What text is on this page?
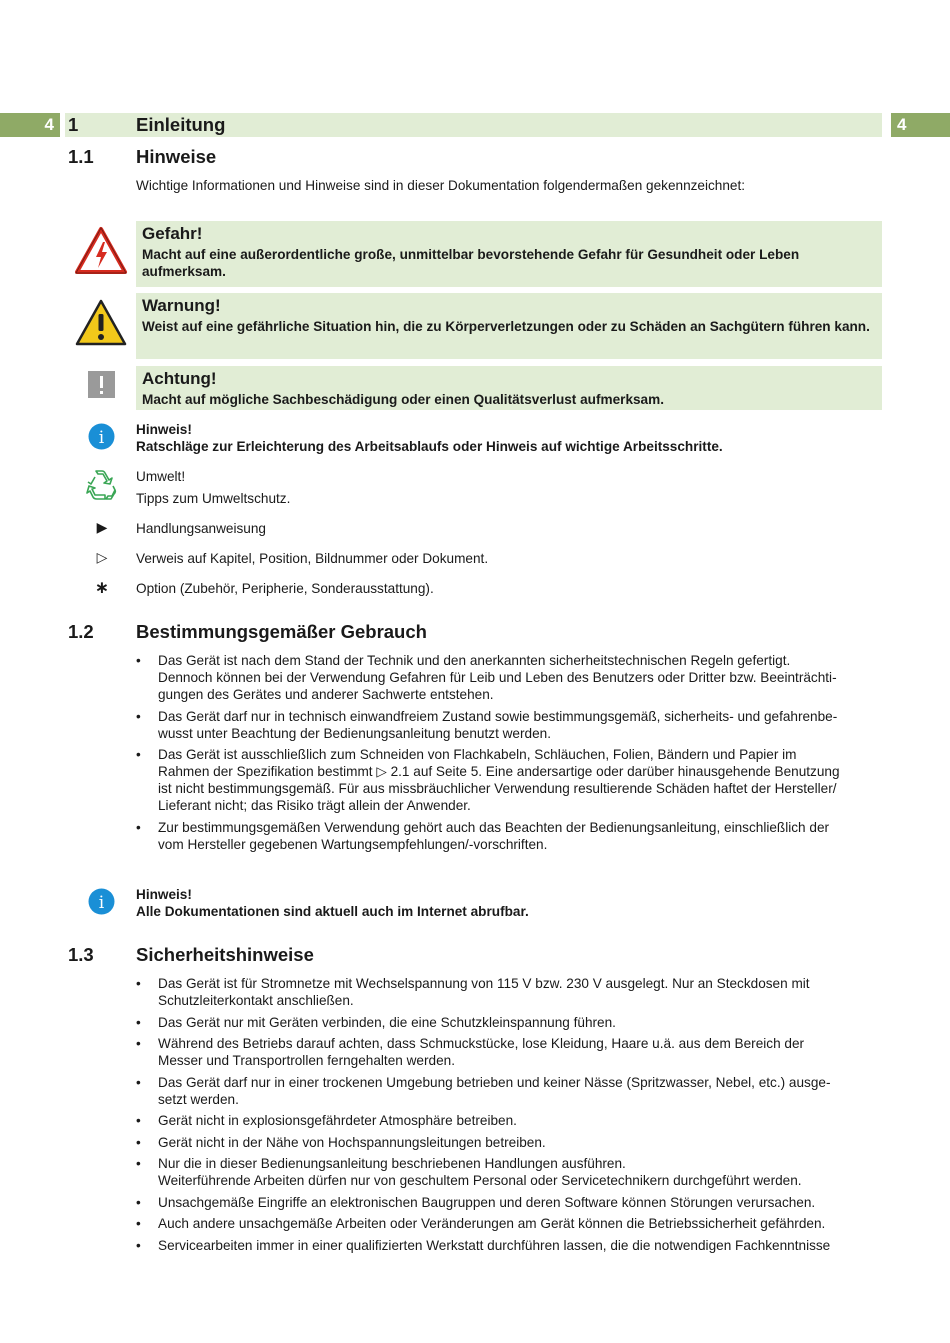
4 1	Einleitung	4
1.1 Hinweise
Wichtige Informationen und Hinweise sind in dieser Dokumentation folgendermaßen gekennzeichnet:
Gefahr!
Macht auf eine außerordentliche große, unmittelbar bevorstehende Gefahr für Gesundheit oder Leben aufmerksam.
Warnung!
Weist auf eine gefährliche Situation hin, die zu Körperverletzungen oder zu Schäden an Sachgütern führen kann.
Achtung!
Macht auf mögliche Sachbeschädigung oder einen Qualitätsverlust aufmerksam.
i Hinweis!
Ratschläge zur Erleichterung des Arbeitsablaufs oder Hinweis auf wichtige Arbeitsschritte.
Umwelt!
Tipps zum Umweltschutz.
▶ Handlungsanweisung
▷ Verweis auf Kapitel, Position, Bildnummer oder Dokument.
∗ Option (Zubehör, Peripherie, Sonderausstattung).
1.2 Bestimmungsgemäßer Gebrauch
• Das Gerät ist nach dem Stand der Technik und den anerkannten sicherheitstechnischen Regeln gefertigt.
Dennoch können bei der Verwendung Gefahren für Leib und Leben des Benutzers oder Dritter bzw. Beeinträchti-
gungen des Gerätes und anderer Sachwerte entstehen.
• Das Gerät darf nur in technisch einwandfreiem Zustand sowie bestimmungsgemäß, sicherheits- und gefahrenbe-
wusst unter Beachtung der Bedienungsanleitung benutzt werden.
• Das Gerät ist ausschließlich zum Schneiden von Flachkabeln, Schläuchen, Folien, Bändern und Papier im
Rahmen der Spezifikation bestimmt ▷ 2.1 auf Seite 5. Eine andersartige oder darüber hinausgehende Benutzung
ist nicht bestimmungsgemäß. Für aus missbräuchlicher Verwendung resultierende Schäden haftet der Hersteller/
Lieferant nicht; das Risiko trägt allein der Anwender.
• Zur bestimmungsgemäßen Verwendung gehört auch das Beachten der Bedienungsanleitung, einschließlich der
vom Hersteller gegebenen Wartungsempfehlungen/-vorschriften.
i Hinweis!
Alle Dokumentationen sind aktuell auch im Internet abrufbar.
1.3 Sicherheitshinweise
• Das Gerät ist für Stromnetze mit Wechselspannung von 115 V bzw. 230 V ausgelegt. Nur an Steckdosen mit
Schutzleiterkontakt anschließen.
• Das Gerät nur mit Geräten verbinden, die eine Schutzkleinspannung führen.
• Während des Betriebs darauf achten, dass Schmuckstücke, lose Kleidung, Haare u.ä. aus dem Bereich der
Messer und Transportrollen ferngehalten werden.
• Das Gerät darf nur in einer trockenen Umgebung betrieben und keiner Nässe (Spritzwasser, Nebel, etc.) ausge-
setzt werden.
• Gerät nicht in explosionsgefährdeter Atmosphäre betreiben.
• Gerät nicht in der Nähe von Hochspannungsleitungen betreiben.
• Nur die in dieser Bedienungsanleitung beschriebenen Handlungen ausführen.
Weiterführende Arbeiten dürfen nur von geschultem Personal oder Servicetechnikern durchgeführt werden.
• Unsachgemäße Eingriffe an elektronischen Baugruppen und deren Software können Störungen verursachen.
• Auch andere unsachgemäße Arbeiten oder Veränderungen am Gerät können die Betriebssicherheit gefährden.
• Servicearbeiten immer in einer qualifizierten Werkstatt durchführen lassen, die die notwendigen Fachkenntnisse
